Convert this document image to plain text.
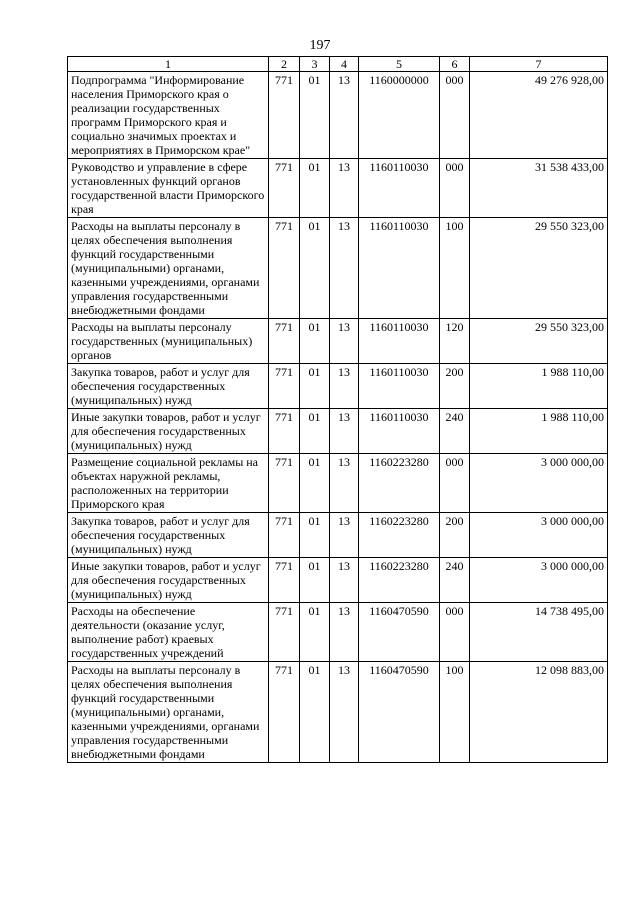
197
1	2	3	4	5	6	7
Подпрограмма "Информирование населения Приморского края о реализации государственных программ Приморского края и социально значимых проектах и мероприятиях в Приморском крае"	771	01	13	1160000000	000	49 276 928,00
Руководство и управление в сфере установленных функций органов государственной власти Приморского края	771	01	13	1160110030	000	31 538 433,00
Расходы на выплаты персоналу в целях обеспечения выполнения функций государственными (муниципальными) органами, казенными учреждениями, органами управления государственными внебюджетными фондами	771	01	13	1160110030	100	29 550 323,00
Расходы на выплаты персоналу государственных (муниципальных) органов	771	01	13	1160110030	120	29 550 323,00
Закупка товаров, работ и услуг для обеспечения государственных (муниципальных) нужд	771	01	13	1160110030	200	1 988 110,00
Иные закупки товаров, работ и услуг для обеспечения государственных (муниципальных) нужд	771	01	13	1160110030	240	1 988 110,00
Размещение социальной рекламы на объектах наружной рекламы, расположенных на территории Приморского края	771	01	13	1160223280	000	3 000 000,00
Закупка товаров, работ и услуг для обеспечения государственных (муниципальных) нужд	771	01	13	1160223280	200	3 000 000,00
Иные закупки товаров, работ и услуг для обеспечения государственных (муниципальных) нужд	771	01	13	1160223280	240	3 000 000,00
Расходы на обеспечение деятельности (оказание услуг, выполнение работ) краевых государственных учреждений	771	01	13	1160470590	000	14 738 495,00
Расходы на выплаты персоналу в целях обеспечения выполнения функций государственными (муниципальными) органами, казенными учреждениями, органами управления государственными внебюджетными фондами	771	01	13	1160470590	100	12 098 883,00
